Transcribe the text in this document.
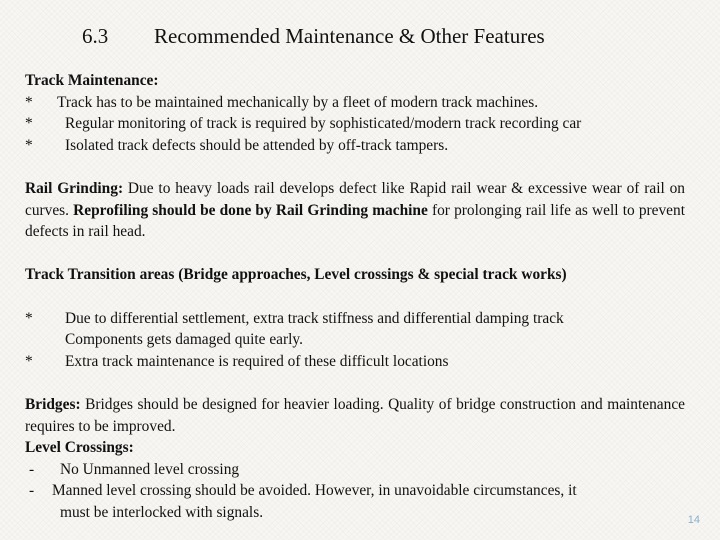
6.3 Recommended Maintenance & Other Features
Track Maintenance:
* Track has to be maintained mechanically by a fleet of modern track machines.
* Regular monitoring of track is required by sophisticated/modern track recording car
* Isolated track defects should be attended by off-track tampers.
Rail Grinding: Due to heavy loads rail develops defect like Rapid rail wear & excessive wear of rail on curves. Reprofiling should be done by Rail Grinding machine for prolonging rail life as well to prevent defects in rail head.
Track Transition areas (Bridge approaches, Level crossings & special track works)
* Due to differential settlement, extra track stiffness and differential damping track
Components gets damaged quite early.
* Extra track maintenance is required of these difficult locations
Bridges: Bridges should be designed for heavier loading. Quality of bridge construction and maintenance requires to be improved.
Level Crossings:
- No Unmanned level crossing
- Manned level crossing should be avoided. However, in unavoidable circumstances, it
must be interlocked with signals.	14
